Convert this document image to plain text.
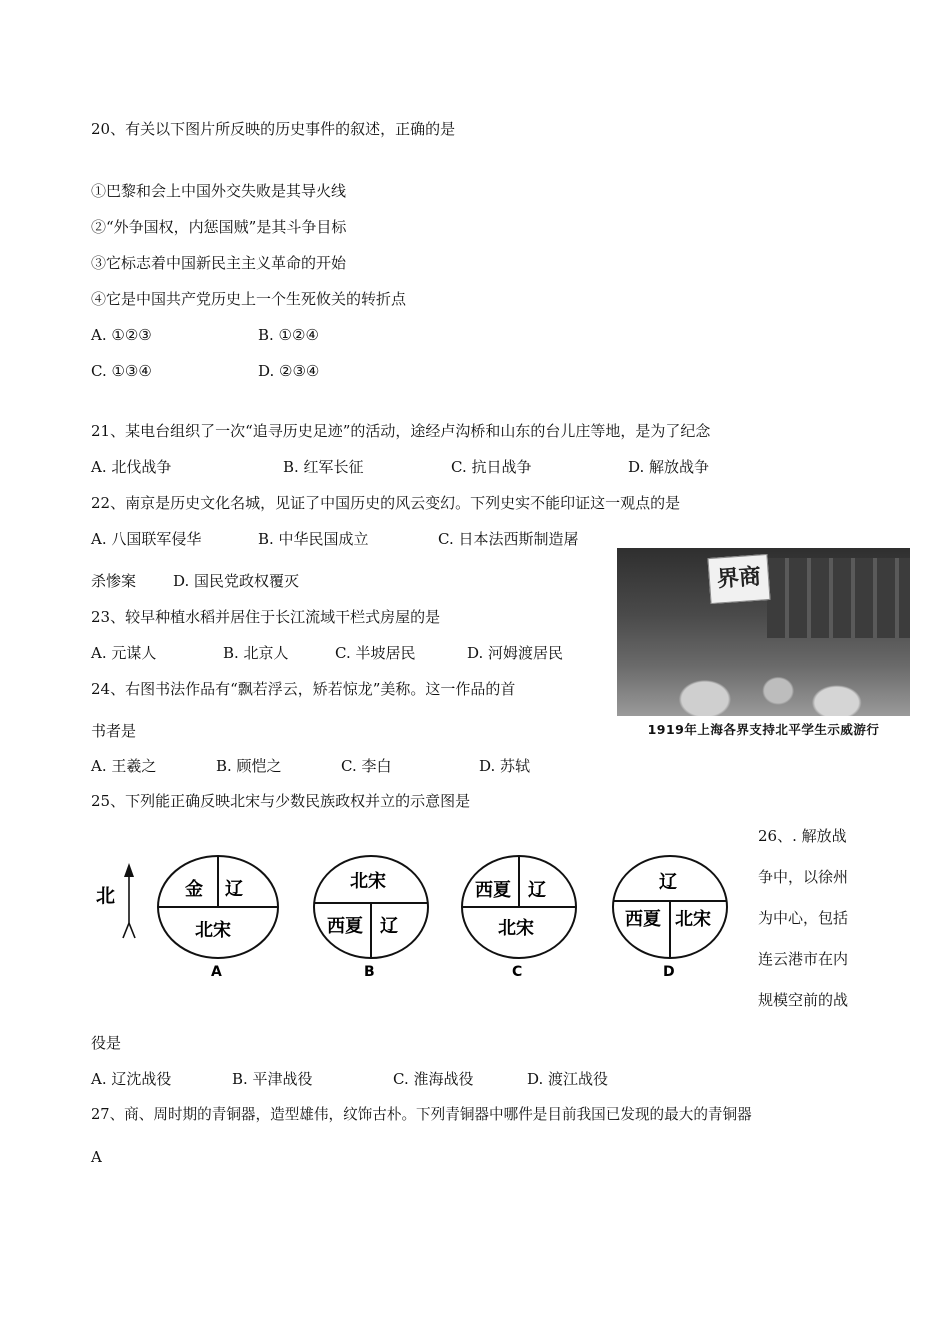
20、有关以下图片所反映的历史事件的叙述，正确的是
①巴黎和会上中国外交失败是其导火线
②“外争国权，内惩国贼”是其斗争目标
③它标志着中国新民主主义革命的开始
④它是中国共产党历史上一个生死攸关的转折点
A. ①②③	B. ①②④
C. ①③④	D. ②③④
21、某电台组织了一次“追寻历史足迹”的活动，途经卢沟桥和山东的台儿庄等地，是为了纪念
A. 北伐战争	B. 红军长征	C. 抗日战争	D. 解放战争
22、南京是历史文化名城，见证了中国历史的风云变幻。下列史实不能印证这一观点的是
A. 八国联军侵华	B. 中华民国成立	C. 日本法西斯制造屠
杀惨案 D. 国民党政权覆灭	界商
1919年上海各界支持北平学生示威游行
23、较早种植水稻并居住于长江流域干栏式房屋的是
A. 元谋人	B. 北京人	C. 半坡居民	D. 河姆渡居民
24、右图书法作品有“飘若浮云，矫若惊龙”美称。这一作品的首
书者是
A. 王羲之	B. 顾恺之	C. 李白	D. 苏轼
25、下列能正确反映北宋与少数民族政权并立的示意图是
北	金 辽
北宋
A
北宋
西夏 辽
B
西夏 辽
北宋
C
辽
西夏 北宋
D
26、. 解放战
争中，以徐州
为中心，包括
连云港市在内
规模空前的战
役是
A. 辽沈战役	B. 平津战役	C. 淮海战役	D. 渡江战役
27、商、周时期的青铜器，造型雄伟，纹饰古朴。下列青铜器中哪件是目前我国已发现的最大的青铜器
A
